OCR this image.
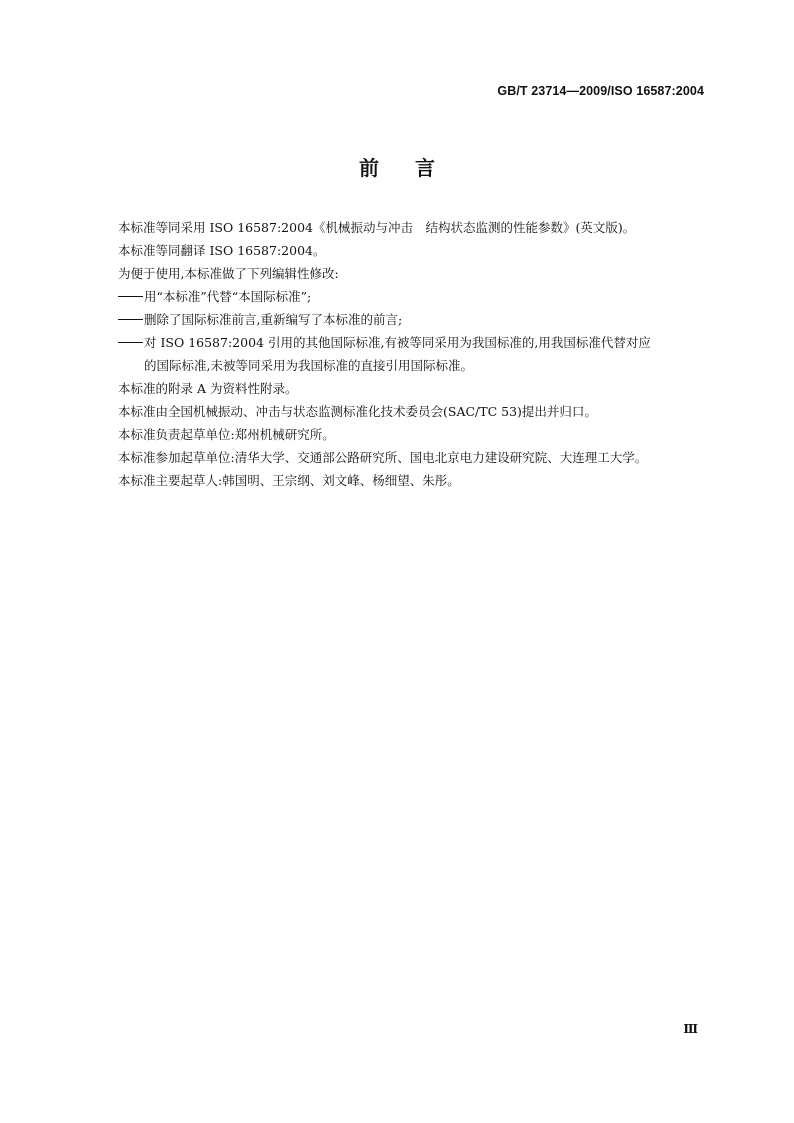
GB/T 23714—2009/ISO 16587:2004
前言
本标准等同采用 ISO 16587:2004《机械振动与冲击　结构状态监测的性能参数》(英文版)。
本标准等同翻译 ISO 16587:2004。
为便于使用,本标准做了下列编辑性修改:
用“本标准”代替“本国际标准”;
删除了国际标准前言,重新编写了本标准的前言;
对 ISO 16587:2004 引用的其他国际标准,有被等同采用为我国标准的,用我国标准代替对应
的国际标准,未被等同采用为我国标准的直接引用国际标准。
本标准的附录 A 为资料性附录。
本标准由全国机械振动、冲击与状态监测标准化技术委员会(SAC/TC 53)提出并归口。
本标准负责起草单位:郑州机械研究所。
本标准参加起草单位:清华大学、交通部公路研究所、国电北京电力建设研究院、大连理工大学。
本标准主要起草人:韩国明、王宗纲、刘文峰、杨细望、朱彤。
Ⅲ
